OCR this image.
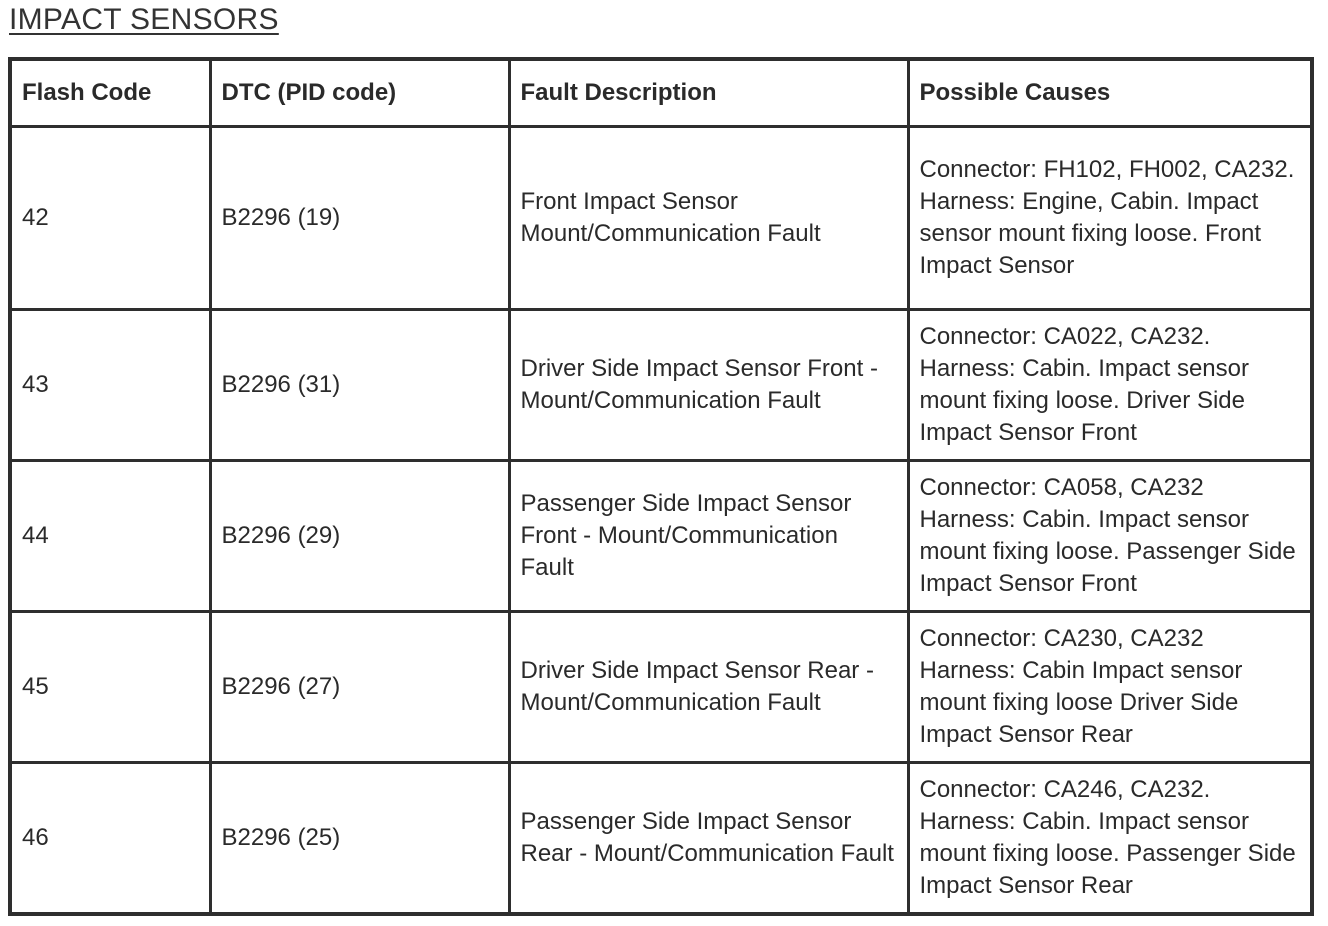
IMPACT SENSORS
Flash Code	DTC (PID code)	Fault Description	Possible Causes
42	B2296 (19)	Front Impact Sensor Mount/Communication Fault	Connector: FH102, FH002, CA232. Harness: Engine, Cabin. Impact sensor mount fixing loose. Front Impact Sensor
43	B2296 (31)	Driver Side Impact Sensor Front - Mount/Communication Fault	Connector: CA022, CA232. Harness: Cabin. Impact sensor mount fixing loose. Driver Side Impact Sensor Front
44	B2296 (29)	Passenger Side Impact Sensor Front - Mount/Communication Fault	Connector: CA058, CA232 Harness: Cabin. Impact sensor mount fixing loose. Passenger Side Impact Sensor Front
45	B2296 (27)	Driver Side Impact Sensor Rear - Mount/Communication Fault	Connector: CA230, CA232 Harness: Cabin Impact sensor mount fixing loose Driver Side Impact Sensor Rear
46	B2296 (25)	Passenger Side Impact Sensor Rear - Mount/Communication Fault	Connector: CA246, CA232. Harness: Cabin. Impact sensor mount fixing loose. Passenger Side Impact Sensor Rear
